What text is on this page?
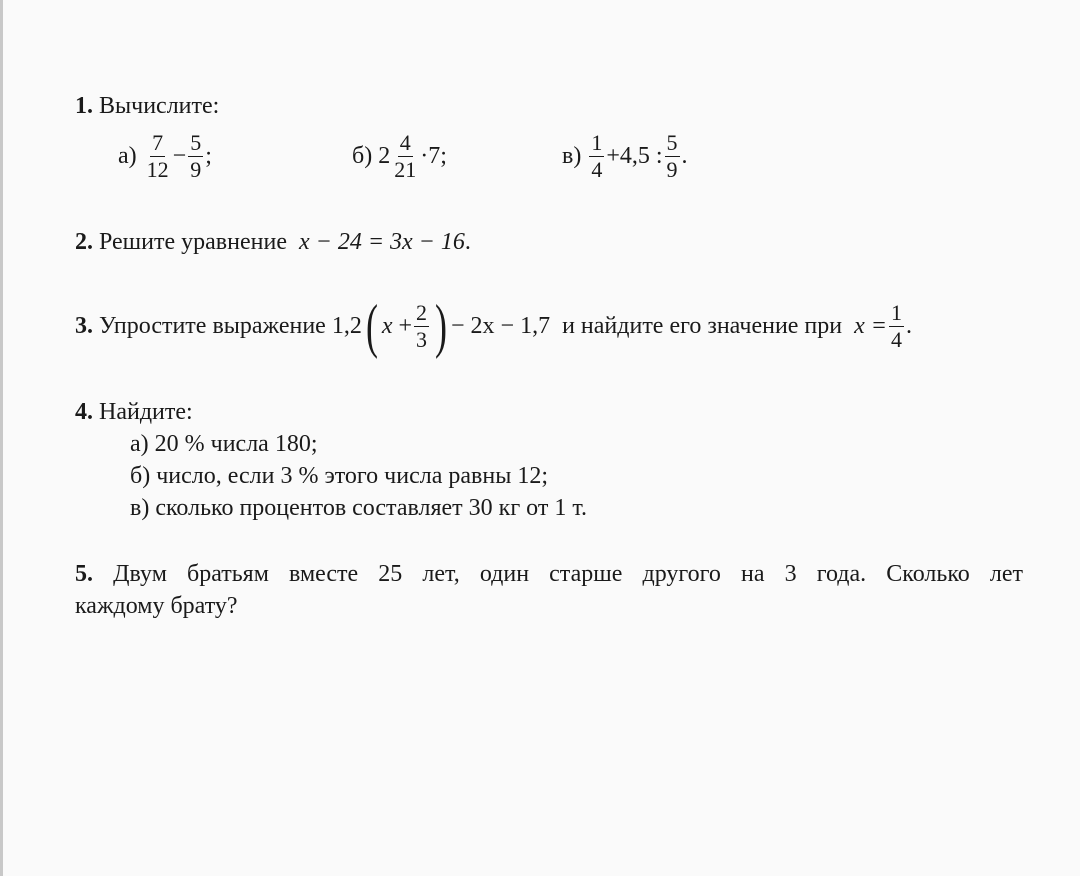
1. Вычислите:
а)
$\frac{7}{12} - \frac{5}{9}$ ;	б)
$2 \frac{4}{21} \cdot 7$;	в)
$\frac{1}{4} +4,5$ : $\frac{5}{9}$ .
2. Решите уравнение x − 24 = 3x − 16.
3.
Упростите выражение
1,2 ( x
+ $\frac{2}{3}$ ) − 2x − 1,7
и найдите его значение при
$x = \frac{1}{4}$ .
4. Найдите:
а) 20 % числа 180;
б) число, если 3 % этого числа равны 12;
в) сколько процентов составляет 30 кг от 1 т.
5. Двум братьям вместе 25 лет, один старше другого на 3 года. Сколько лет
каждому брату?
